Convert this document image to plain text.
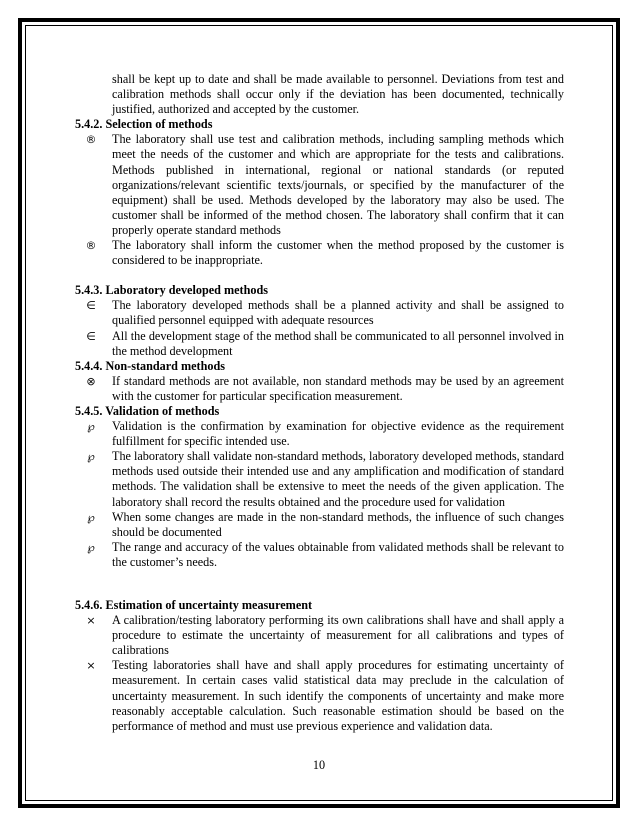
shall be kept up to date and shall be made available to personnel. Deviations from test and calibration methods shall occur only if the deviation has been documented, technically justified, authorized and accepted by the customer.
5.4.2. Selection of methods
® The laboratory shall use test and calibration methods, including sampling methods which meet the needs of the customer and which are appropriate for the tests and calibrations. Methods published in international, regional or national standards (or reputed organizations/relevant scientific texts/journals, or specified by the manufacturer of the equipment) shall be used. Methods developed by the laboratory may also be used. The customer shall be informed of the method chosen. The laboratory shall confirm that it can properly operate standard methods
® The laboratory shall inform the customer when the method proposed by the customer is considered to be inappropriate.
5.4.3. Laboratory developed methods
∈ The laboratory developed methods shall be a planned activity and shall be assigned to qualified personnel equipped with adequate resources
∈ All the development stage of the method shall be communicated to all personnel involved in the method development
5.4.4. Non-standard methods
⊗ If standard methods are not available, non standard methods may be used by an agreement with the customer for particular specification measurement.
5.4.5. Validation of methods
℘	Validation is the confirmation by examination for objective evidence as the requirement fulfillment for specific intended use.
℘	The laboratory shall validate non-standard methods, laboratory developed methods, standard methods used outside their intended use and any amplification and modification of standard methods. The validation shall be extensive to meet the needs of the given application. The laboratory shall record the results obtained and the procedure used for validation
℘	When some changes are made in the non-standard methods, the influence of such changes should be documented
℘	The range and accuracy of the values obtainable from validated methods shall be relevant to the customer’s needs.
5.4.6. Estimation of uncertainty measurement
× A calibration/testing laboratory performing its own calibrations shall have and shall apply a procedure to estimate the uncertainty of measurement for all calibrations and types of calibrations
× Testing laboratories shall have and shall apply procedures for estimating uncertainty of measurement. In certain cases valid statistical data may preclude in the calculation of uncertainty measurement. In such identify the components of uncertainty and make more reasonably acceptable calculation. Such reasonable estimation should be based on the performance of method and must use previous experience and validation data.
10
